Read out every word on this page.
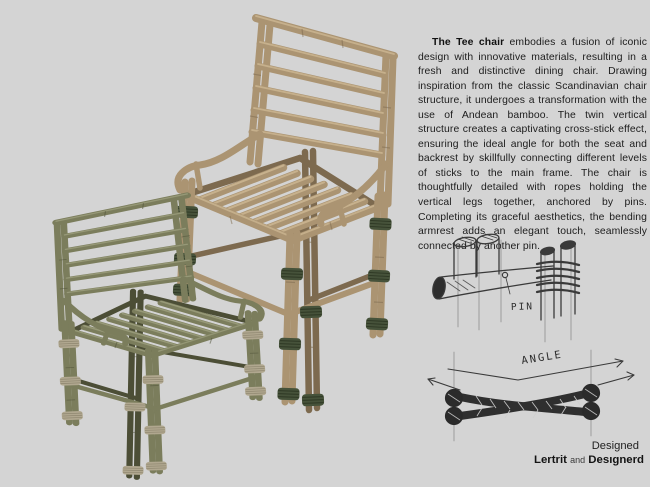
The Tee chair embodies a fusion of iconic design with innovative materials, resulting in a fresh and distinctive dining chair. Drawing inspiration from the classic Scandinavian chair structure, it undergoes a transformation with the use of Andean bamboo. The twin vertical structure creates a captivating cross-stick effect, ensuring the ideal angle for both the seat and backrest by skillfully connecting different levels of sticks to the main frame. The chair is thoughtfully detailed with ropes holding the vertical legs together, anchored by pins. Completing its graceful aesthetics, the bending armrest adds an elegant touch, seamlessly connected by another pin.

PIN
ANGLE
Designed
Lertrit and Desıgnerd
